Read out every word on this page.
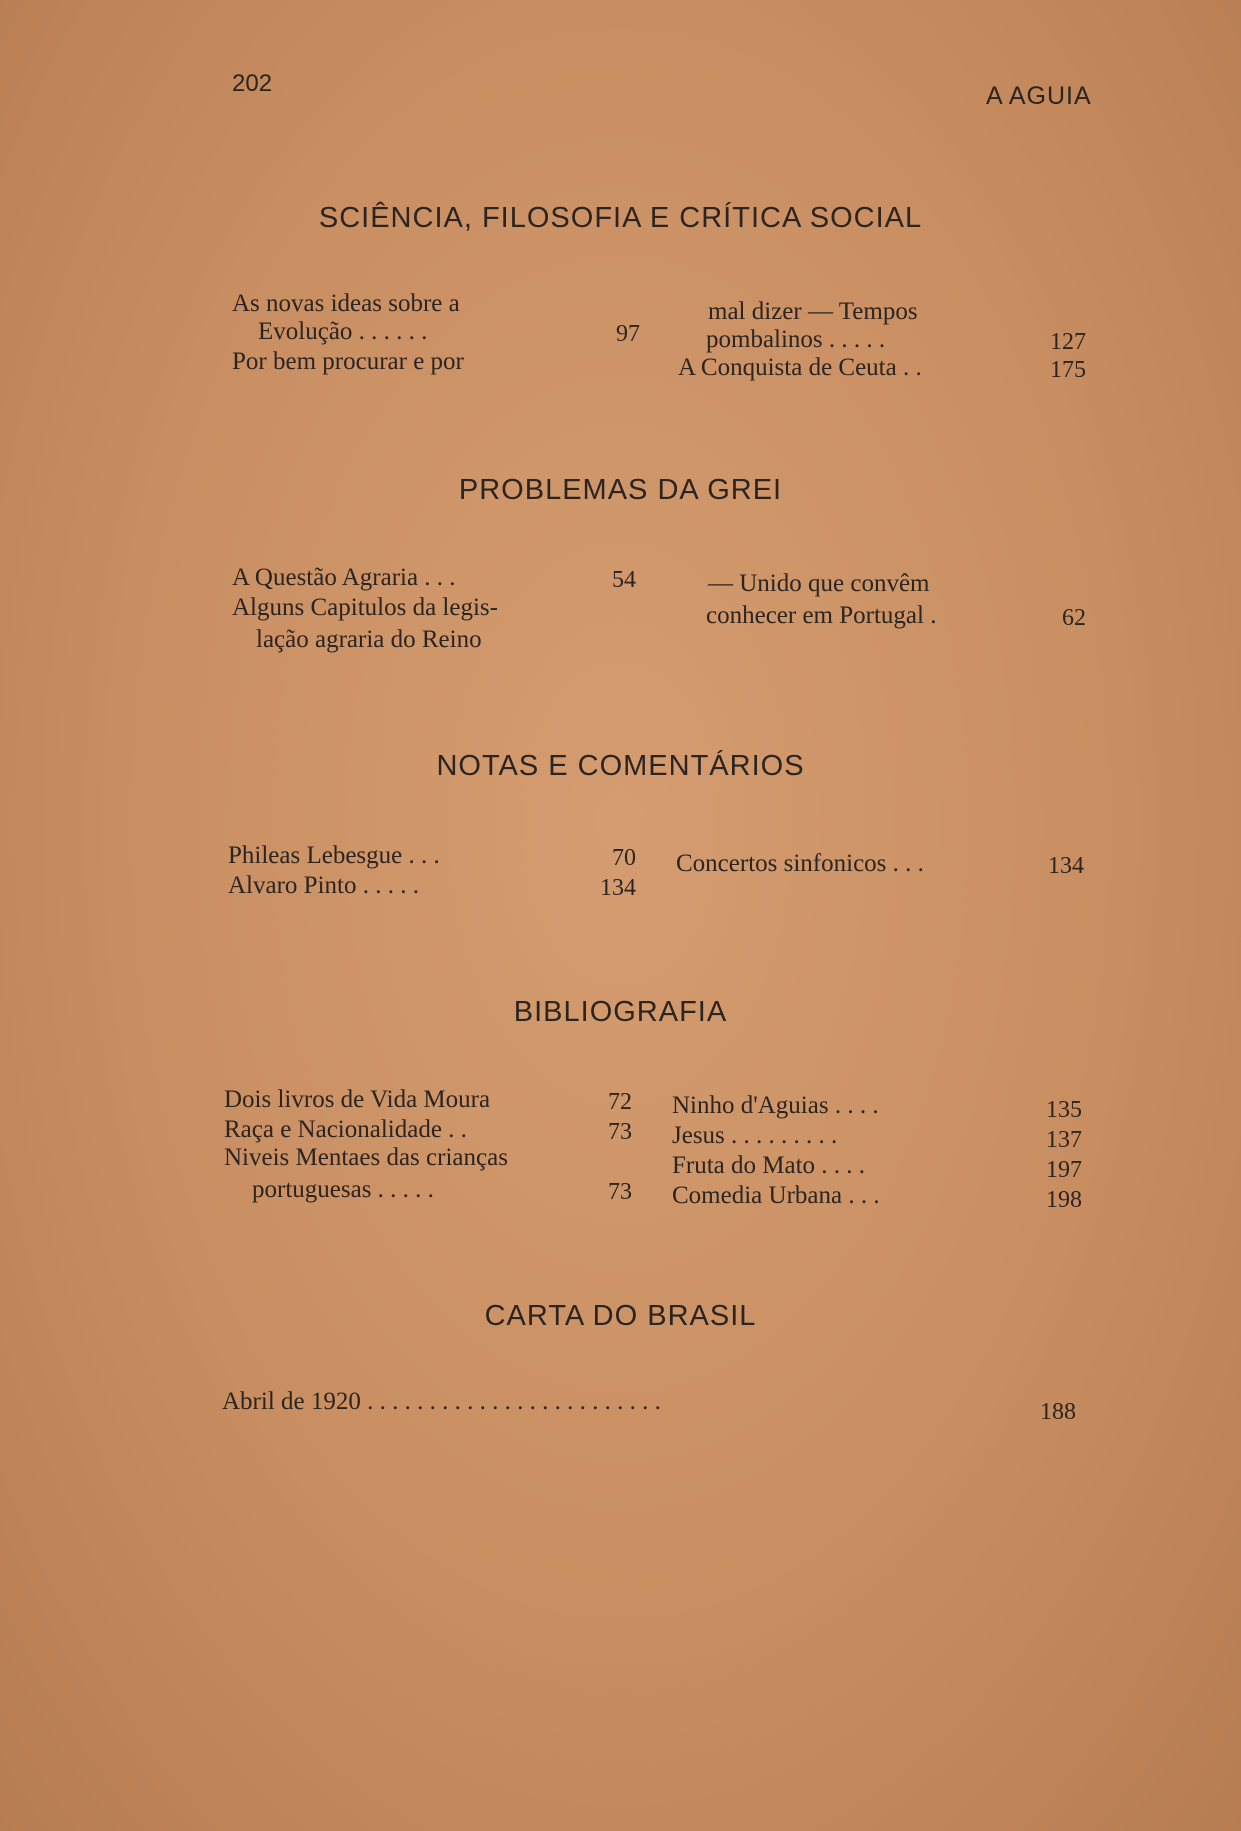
202	A AGUIA
SCIÊNCIA, FILOSOFIA E CRÍTICA SOCIAL
As novas ideas sobre a
Evolução . . . . . .	97
Por bem procurar e por
mal dizer — Tempos
pombalinos . . . . .	127
A Conquista de Ceuta . .	175
PROBLEMAS DA GREI
A Questão Agraria . . .	54
Alguns Capitulos da legis-
lação agraria do Reino
— Unido que convêm
conhecer em Portugal .	62
NOTAS E COMENTÁRIOS
Phileas Lebesgue . . .	70
Alvaro Pinto . . . . .	134
Concertos sinfonicos . . .	134
BIBLIOGRAFIA
Dois livros de Vida Moura	72
Raça e Nacionalidade . .	73
Niveis Mentaes das crianças
portuguesas . . . . .	73
Ninho d'Aguias . . . .	135
Jesus . . . . . . . . .	137
Fruta do Mato . . . .	197
Comedia Urbana . . .	198
CARTA DO BRASIL
Abril de 1920 . . . . . . . . . . . . . . . . . . . . . . . .	188
